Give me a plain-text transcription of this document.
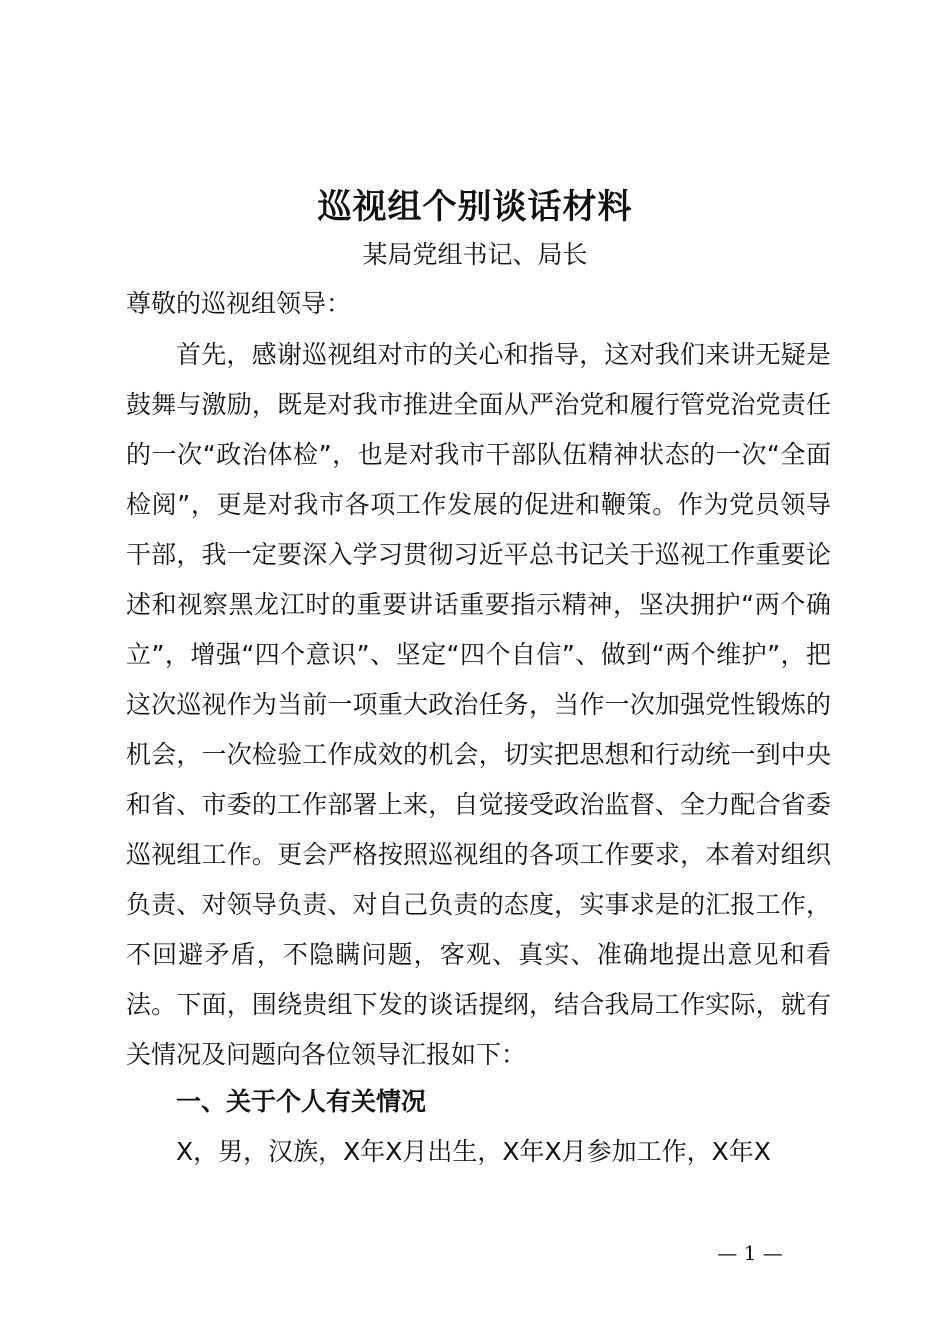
巡视组个别谈话材料
某局党组书记、局长
尊敬的巡视组领导：
首先，感谢巡视组对市的关心和指导，这对我们来讲无疑是鼓舞与激励，既是对我市推进全面从严治党和履行管党治党责任的一次“政治体检”，也是对我市干部队伍精神状态的一次“全面检阅”，更是对我市各项工作发展的促进和鞭策。作为党员领导干部，我一定要深入学习贯彻习近平总书记关于巡视工作重要论述和视察黑龙江时的重要讲话重要指示精神，坚决拥护“两个确立”，增强“四个意识”、坚定“四个自信”、做到“两个维护”，把这次巡视作为当前一项重大政治任务，当作一次加强党性锻炼的机会，一次检验工作成效的机会，切实把思想和行动统一到中央和省、市委的工作部署上来，自觉接受政治监督、全力配合省委巡视组工作。更会严格按照巡视组的各项工作要求，本着对组织负责、对领导负责、对自己负责的态度，实事求是的汇报工作，不回避矛盾，不隐瞒问题，客观、真实、准确地提出意见和看法。下面，围绕贵组下发的谈话提纲，结合我局工作实际，就有关情况及问题向各位领导汇报如下：
一、关于个人有关情况
X，男，汉族，X年X月出生，X年X月参加工作，X年X
— 1 —
